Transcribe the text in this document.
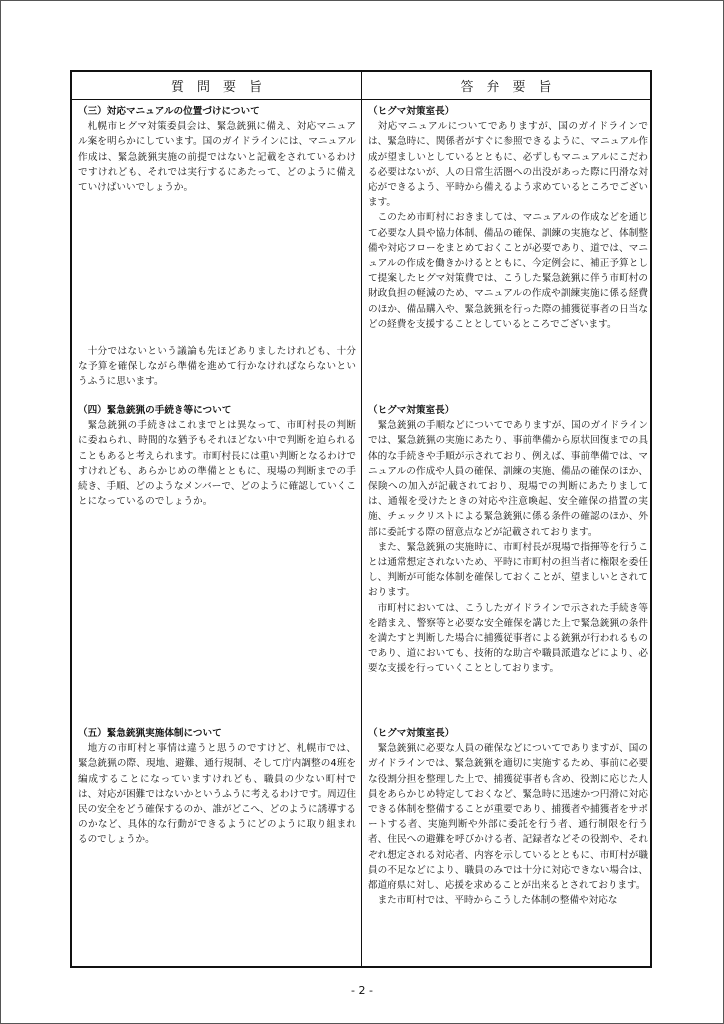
質　問　要　旨	答　弁　要　旨
（三）対応マニュアルの位置づけについて
札幌市ヒグマ対策委員会は、緊急銃猟に備え、対応マニュアル案を明らかにしています。国のガイドラインには、マニュアル作成は、緊急銃猟実施の前提ではないと記載をされているわけですけれども、それでは実行するにあたって、どのように備えていけばいいでしょうか。
十分ではないという議論も先ほどありましたけれども、十分な予算を確保しながら準備を進めて行かなければならないというふうに思います。
（ヒグマ対策室長）
対応マニュアルについてでありますが、国のガイドラインでは、緊急時に、関係者がすぐに参照できるように、マニュアル作成が望ましいとしているとともに、必ずしもマニュアルにこだわる必要はないが、人の日常生活圏への出没があった際に円滑な対応ができるよう、平時から備えるよう求めているところでございます。
このため市町村におきましては、マニュアルの作成などを通じて必要な人員や協力体制、備品の確保、訓練の実施など、体制整備や対応フローをまとめておくことが必要であり、道では、マニュアルの作成を働きかけるとともに、今定例会に、補正予算として提案したヒグマ対策費では、こうした緊急銃猟に伴う市町村の財政負担の軽減のため、マニュアルの作成や訓練実施に係る経費のほか、備品購入や、緊急銃猟を行った際の捕獲従事者の日当などの経費を支援することとしているところでございます。
（四）緊急銃猟の手続き等について
緊急銃猟の手続きはこれまでとは異なって、市町村長の判断に委ねられ、時間的な猶予もそれほどない中で判断を迫られることもあると考えられます。市町村長には重い判断となるわけですけれども、あらかじめの準備とともに、現場の判断までの手続き、手順、どのようなメンバーで、どのように確認していくことになっているのでしょうか。
（ヒグマ対策室長）
緊急銃猟の手順などについてでありますが、国のガイドラインでは、緊急銃猟の実施にあたり、事前準備から原状回復までの具体的な手続きや手順が示されており、例えば、事前準備では、マニュアルの作成や人員の確保、訓練の実施、備品の確保のほか、保険への加入が記載されており、現場での判断にあたりましては、通報を受けたときの対応や注意喚起、安全確保の措置の実施、チェックリストによる緊急銃猟に係る条件の確認のほか、外部に委託する際の留意点などが記載されております。
また、緊急銃猟の実施時に、市町村長が現場で指揮等を行うことは通常想定されないため、平時に市町村の担当者に権限を委任し、判断が可能な体制を確保しておくことが、望ましいとされております。
市町村においては、こうしたガイドラインで示された手続き等を踏まえ、警察等と必要な安全確保を講じた上で緊急銃猟の条件を満たすと判断した場合に捕獲従事者による銃猟が行われるものであり、道においても、技術的な助言や職員派遣などにより、必要な支援を行っていくこととしております。
（五）緊急銃猟実施体制について
地方の市町村と事情は違うと思うのですけど、札幌市では、緊急銃猟の際、現地、避難、通行規制、そして庁内調整の4班を編成することになっていますけれども、職員の少ない町村では、対応が困難ではないかというふうに考えるわけです。周辺住民の安全をどう確保するのか、誰がどこへ、どのように誘導するのかなど、具体的な行動ができるようにどのように取り組まれるのでしょうか。
（ヒグマ対策室長）
緊急銃猟に必要な人員の確保などについてでありますが、国のガイドラインでは、緊急銃猟を適切に実施するため、事前に必要な役割分担を整理した上で、捕獲従事者も含め、役割に応じた人員をあらかじめ特定しておくなど、緊急時に迅速かつ円滑に対応できる体制を整備することが重要であり、捕獲者や捕獲者をサポートする者、実施判断や外部に委託を行う者、通行制限を行う者、住民への避難を呼びかける者、記録者などその役割や、それぞれ想定される対応者、内容を示しているとともに、市町村が職員の不足などにより、職員のみでは十分に対応できない場合は、都道府県に対し、応援を求めることが出来るとされております。
また市町村では、平時からこうした体制の整備や対応な
- 2 -
